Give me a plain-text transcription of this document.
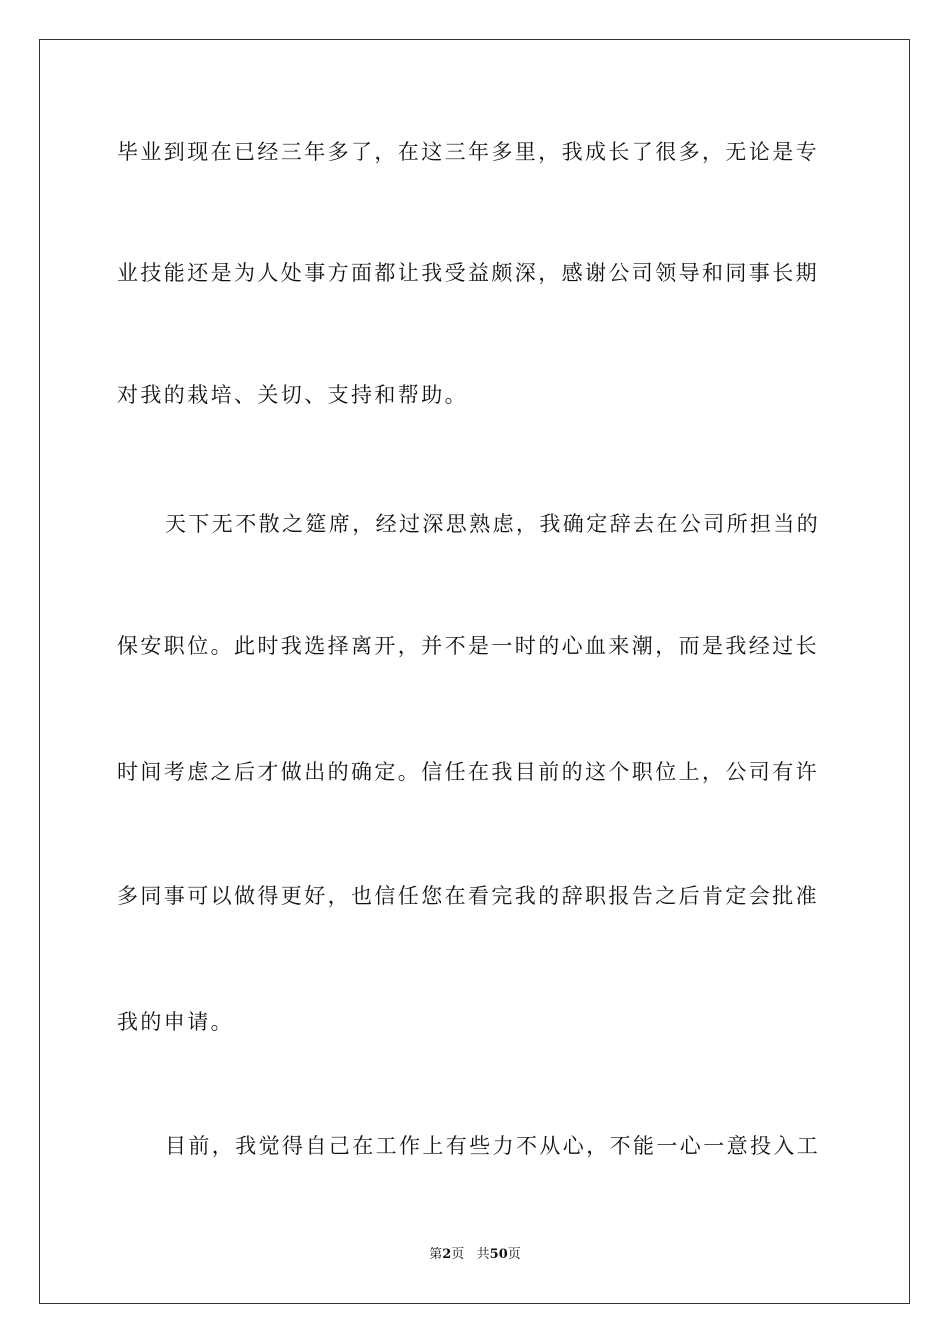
毕业到现在已经三年多了，在这三年多里，我成长了很多，无论是专
业技能还是为人处事方面都让我受益颇深，感谢公司领导和同事长期
对我的栽培、关切、支持和帮助。
天下无不散之筵席，经过深思熟虑，我确定辞去在公司所担当的
保安职位。此时我选择离开，并不是一时的心血来潮，而是我经过长
时间考虑之后才做出的确定。信任在我目前的这个职位上，公司有许
多同事可以做得更好，也信任您在看完我的辞职报告之后肯定会批准
我的申请。
目前，我觉得自己在工作上有些力不从心，不能一心一意投入工
第2页   共50页
